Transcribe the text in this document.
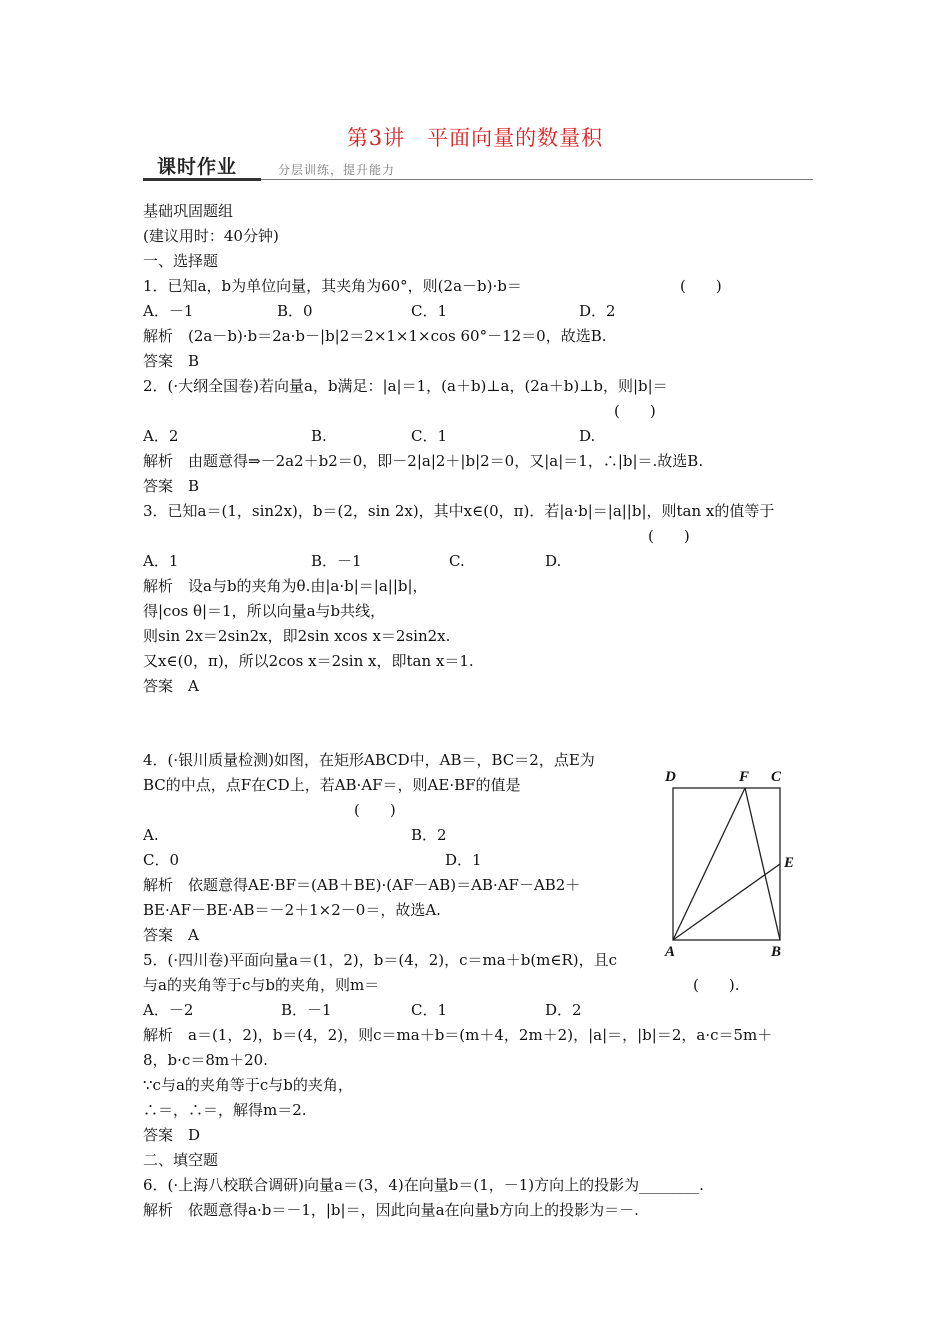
第3讲　平面向量的数量积
课时作业	分层训练，提升能力
基础巩固题组
(建议用时：40分钟)
一、选择题
1．已知a，b为单位向量，其夹角为60°，则(2a－b)·b＝	(　　)
A．－1	B．0	C．1	D．2
解析　(2a－b)·b＝2a·b－|b|2＝2×1×1×cos 60°－12＝0，故选B.
答案　B
2．(·大纲全国卷)若向量a，b满足：|a|＝1，(a＋b)⊥a，(2a＋b)⊥b，则|b|＝
(　　)
A．2	B.	C．1	D.
解析　由题意得⇒－2a2＋b2＝0，即－2|a|2＋|b|2＝0，又|a|＝1，∴|b|＝.故选B.
答案　B
3．已知a＝(1，sin2x)，b＝(2，sin 2x)，其中x∈(0，π)．若|a·b|＝|a||b|，则tan x的值等于
(　　)
A．1	B．－1	C.	D.
解析　设a与b的夹角为θ.由|a·b|＝|a||b|，
得|cos θ|＝1，所以向量a与b共线，
则sin 2x＝2sin2x，即2sin xcos x＝2sin2x.
又x∈(0，π)，所以2cos x＝2sin x，即tan x＝1.
答案　A
4．(·银川质量检测)如图，在矩形ABCD中，AB＝，BC＝2，点E为
BC的中点，点F在CD上，若AB·AF＝，则AE·BF的值是
(　　)
A.	B．2
C．0	D．1
解析　依题意得AE·BF＝(AB＋BE)·(AF－AB)＝AB·AF－AB2＋
BE·AF－BE·AB＝－2＋1×2－0＝，故选A.
答案　A
D	F C
E
A	B
5．(·四川卷)平面向量a＝(1，2)，b＝(4，2)，c＝ma＋b(m∈R)，且c
与a的夹角等于c与b的夹角，则m＝	(　　).
A．－2	B．－1	C．1	D．2
解析　a＝(1，2)，b＝(4，2)，则c＝ma＋b＝(m＋4，2m＋2)，|a|＝，|b|＝2，a·c＝5m＋
8，b·c＝8m＋20.
∵c与a的夹角等于c与b的夹角，
∴＝，∴＝，解得m＝2.
答案　D
二、填空题
6．(·上海八校联合调研)向量a＝(3，4)在向量b＝(1，－1)方向上的投影为________.
解析　依题意得a·b＝－1，|b|＝，因此向量a在向量b方向上的投影为＝－.
